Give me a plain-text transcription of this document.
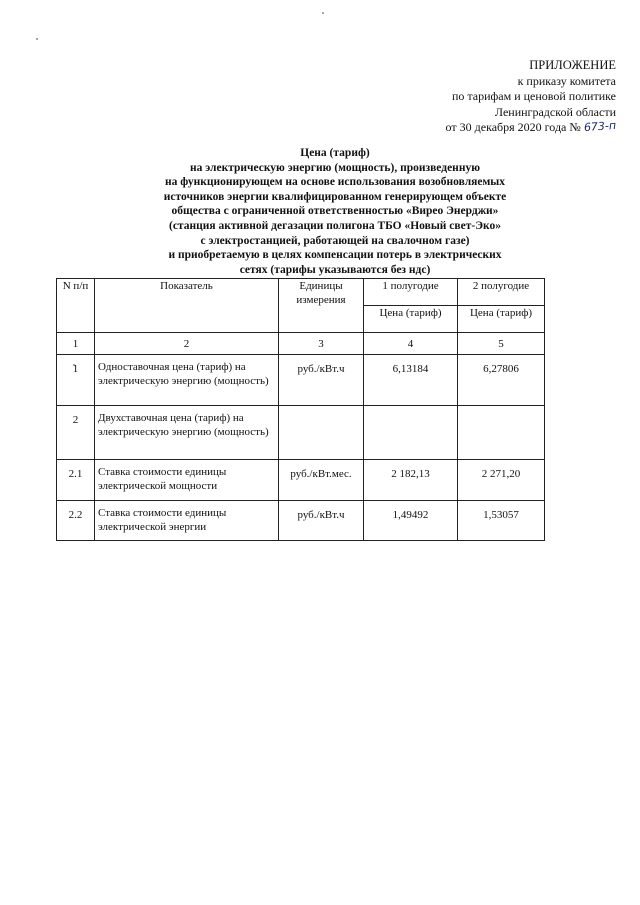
ПРИЛОЖЕНИЕ
к приказу комитета
по тарифам и ценовой политике
Ленинградской области
от 30 декабря 2020 года № 673-п
Цена (тариф)
на электрическую энергию (мощность), произведенную
на функционирующем на основе использования возобновляемых
источников энергии квалифицированном генерирующем объекте
общества с ограниченной ответственностью «Вирео Энерджи»
(станция активной дегазации полигона ТБО «Новый свет-Эко»
с электростанцией, работающей на свалочном газе)
и приобретаемую в целях компенсации потерь в электрических
сетях (тарифы указываются без ндс)
N п/п	Показатель	Единицы измерения	1 полугодие	2 полугодие
			Цена (тариф)	Цена (тариф)
1	2	3	4	5
1	Одноставочная цена (тариф) на электрическую энергию (мощность)	руб./кВт.ч	6,13184	6,27806
2	Двухставочная цена (тариф) на электрическую энергию (мощность)			
2.1	Ставка стоимости единицы электрической мощности	руб./кВт.мес.	2 182,13	2 271,20
2.2	Ставка стоимости единицы электрической энергии	руб./кВт.ч	1,49492	1,53057
